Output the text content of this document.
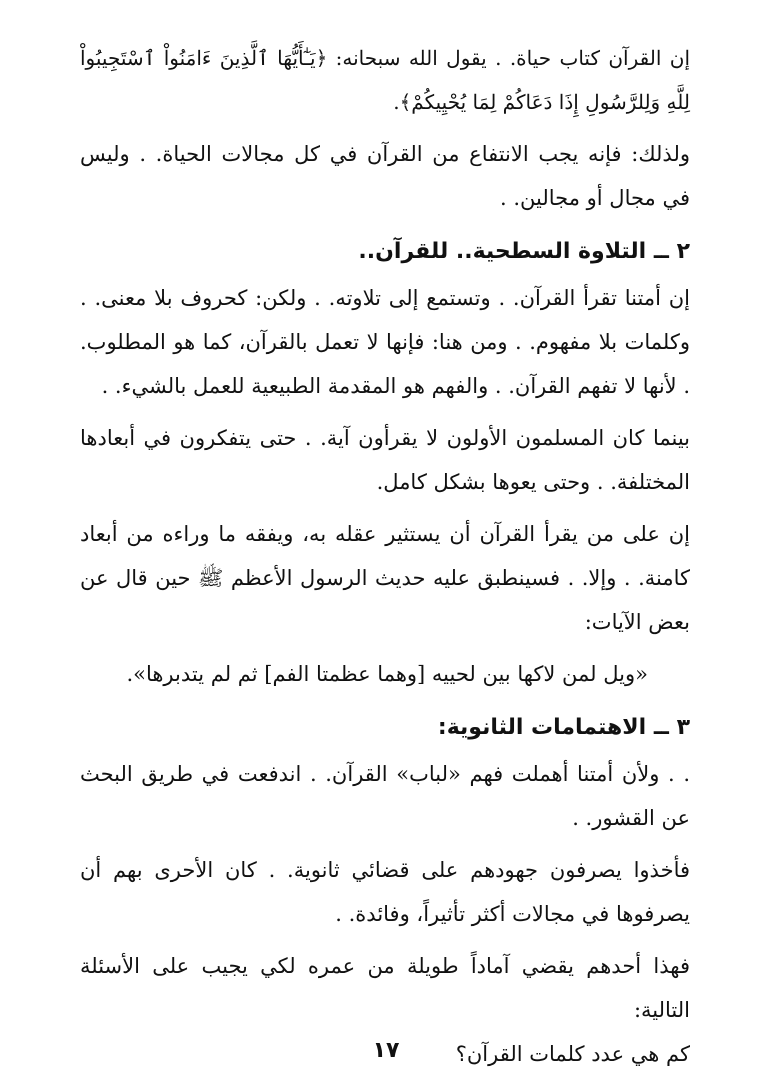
إن القرآن كتاب حياة. . يقول الله سبحانه: ﴿يَـٰٓأَيُّهَا ٱلَّذِينَ ءَامَنُواْ ٱسْتَجِيبُواْ لِلَّهِ وَلِلرَّسُولِ إِذَا دَعَاكُمْ لِمَا يُحْيِيكُمْ﴾.

ولذلك: فإنه يجب الانتفاع من القرآن في كل مجالات الحياة. . وليس في مجال أو مجالين. .

٢ ــ التلاوة السطحية.. للقرآن..

إن أمتنا تقرأ القرآن. . وتستمع إلى تلاوته. . ولكن: كحروف بلا معنى. . وكلمات بلا مفهوم. . ومن هنا: فإنها لا تعمل بالقرآن، كما هو المطلوب. . لأنها لا تفهم القرآن. . والفهم هو المقدمة الطبيعية للعمل بالشيء. .

بينما كان المسلمون الأولون لا يقرأون آية. . حتى يتفكرون في أبعادها المختلفة. . وحتى يعوها بشكل كامل.

إن على من يقرأ القرآن أن يستثير عقله به، ويفقه ما وراءه من أبعاد كامنة. . وإلا. . فسينطبق عليه حديث الرسول الأعظم ﷺ حين قال عن بعض الآيات:

«ويل لمن لاكها بين لحييه [وهما عظمتا الفم] ثم لم يتدبرها».

٣ ــ الاهتمامات الثانوية:

. . ولأن أمتنا أهملت فهم «لباب» القرآن. . اندفعت في طريق البحث عن القشور. .

فأخذوا يصرفون جهودهم على قضائي ثانوية. . كان الأحرى بهم أن يصرفوها في مجالات أكثر تأثيراً، وفائدة. .

فهذا أحدهم يقضي آماداً طويلة من عمره لكي يجيب على الأسئلة التالية:

كم هي عدد كلمات القرآن؟

١٧
